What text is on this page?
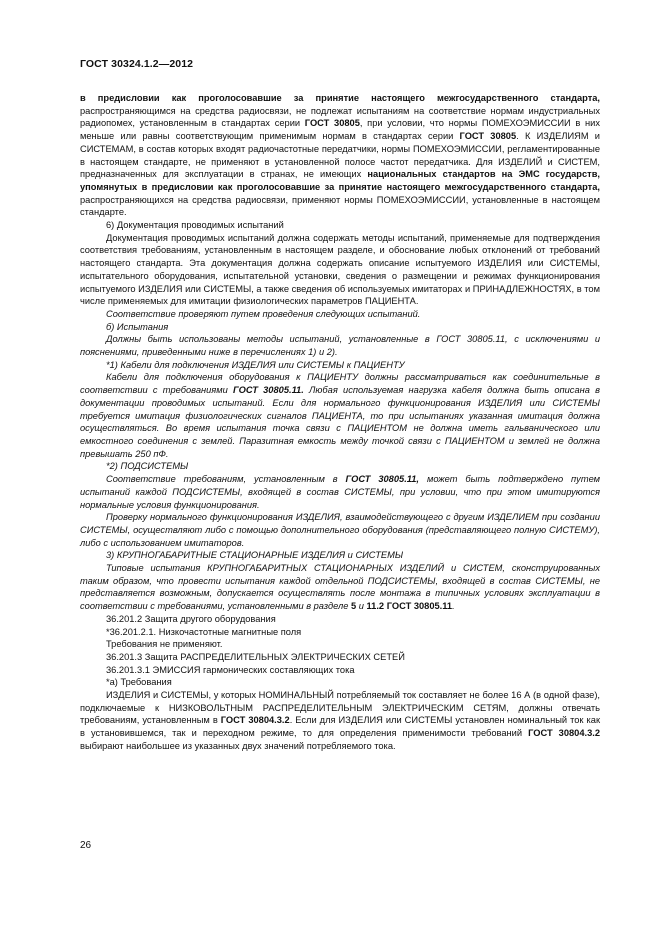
ГОСТ 30324.1.2—2012

в предисловии как проголосовавшие за принятие настоящего межгосударственного стандарта, распространяющимся на средства радиосвязи, не подлежат испытаниям на соответствие нормам индустриальных радиопомех, установленным в стандартах серии ГОСТ 30805, при условии, что нормы ПОМЕХОЭМИССИИ в них меньше или равны соответствующим применимым нормам в стандартах серии ГОСТ 30805. К ИЗДЕЛИЯМ и СИСТЕМАМ, в состав которых входят радиочастотные передатчики, нормы ПОМЕХОЭМИССИИ, регламентированные в настоящем стандарте, не применяют в установленной полосе частот передатчика. Для ИЗДЕЛИЙ и СИСТЕМ, предназначенных для эксплуатации в странах, не имеющих национальных стандартов на ЭМС государств, упомянутых в предисловии как проголосовавшие за принятие настоящего межгосударственного стандарта, распространяющихся на средства радиосвязи, применяют нормы ПОМЕХОЭМИССИИ, установленные в настоящем стандарте.

6) Документация проводимых испытаний

Документация проводимых испытаний должна содержать методы испытаний, применяемые для подтверждения соответствия требованиям, установленным в настоящем разделе, и обоснование любых отклонений от требований настоящего стандарта. Эта документация должна содержать описание испытуемого ИЗДЕЛИЯ или СИСТЕМЫ, испытательного оборудования, испытательной установки, сведения о размещении и режимах функционирования испытуемого ИЗДЕЛИЯ или СИСТЕМЫ, а также сведения об используемых имитаторах и ПРИНАДЛЕЖНОСТЯХ, в том числе применяемых для имитации физиологических параметров ПАЦИЕНТА.

Соответствие проверяют путем проведения следующих испытаний.

б) Испытания

Должны быть использованы методы испытаний, установленные в ГОСТ 30805.11, с исключениями и пояснениями, приведенными ниже в перечислениях 1) и 2).

*1) Кабели для подключения ИЗДЕЛИЯ или СИСТЕМЫ к ПАЦИЕНТУ

Кабели для подключения оборудования к ПАЦИЕНТУ должны рассматриваться как соединительные в соответствии с требованиями ГОСТ 30805.11. Любая используемая нагрузка кабеля должна быть описана в документации проводимых испытаний. Если для нормального функционирования ИЗДЕЛИЯ или СИСТЕМЫ требуется имитация физиологических сигналов ПАЦИЕНТА, то при испытаниях указанная имитация должна осуществляться. Во время испытания точка связи с ПАЦИЕНТОМ не должна иметь гальванического или емкостного соединения с землей. Паразитная емкость между точкой связи с ПАЦИЕНТОМ и землей не должна превышать 250 пФ.

*2) ПОДСИСТЕМЫ

Соответствие требованиям, установленным в ГОСТ 30805.11, может быть подтверждено путем испытаний каждой ПОДСИСТЕМЫ, входящей в состав СИСТЕМЫ, при условии, что при этом имитируются нормальные условия функционирования.

Проверку нормального функционирования ИЗДЕЛИЯ, взаимодействующего с другим ИЗДЕЛИЕМ при создании СИСТЕМЫ, осуществляют либо с помощью дополнительного оборудования (представляющего полную СИСТЕМУ), либо с использованием имитаторов.

3) КРУПНОГАБАРИТНЫЕ СТАЦИОНАРНЫЕ ИЗДЕЛИЯ и СИСТЕМЫ

Типовые испытания КРУПНОГАБАРИТНЫХ СТАЦИОНАРНЫХ ИЗДЕЛИЙ и СИСТЕМ, сконструированных таким образом, что провести испытания каждой отдельной ПОДСИСТЕМЫ, входящей в состав СИСТЕМЫ, не представляется возможным, допускается осуществлять после монтажа в типичных условиях эксплуатации в соответствии с требованиями, установленными в разделе 5 и 11.2 ГОСТ 30805.11.

36.201.2 Защита другого оборудования

*36.201.2.1. Низкочастотные магнитные поля

Требования не применяют.

36.201.3 Защита РАСПРЕДЕЛИТЕЛЬНЫХ ЭЛЕКТРИЧЕСКИХ СЕТЕЙ

36.201.3.1 ЭМИССИЯ гармонических составляющих тока

*а) Требования

ИЗДЕЛИЯ и СИСТЕМЫ, у которых НОМИНАЛЬНЫЙ потребляемый ток составляет не более 16 А (в одной фазе), подключаемые к НИЗКОВОЛЬТНЫМ РАСПРЕДЕЛИТЕЛЬНЫМ ЭЛЕКТРИЧЕСКИМ СЕТЯМ, должны отвечать требованиям, установленным в ГОСТ 30804.3.2. Если для ИЗДЕЛИЯ или СИСТЕМЫ установлен номинальный ток как в установившемся, так и переходном режиме, то для определения применимости требований ГОСТ 30804.3.2 выбирают наибольшее из указанных двух значений потребляемого тока.

26
